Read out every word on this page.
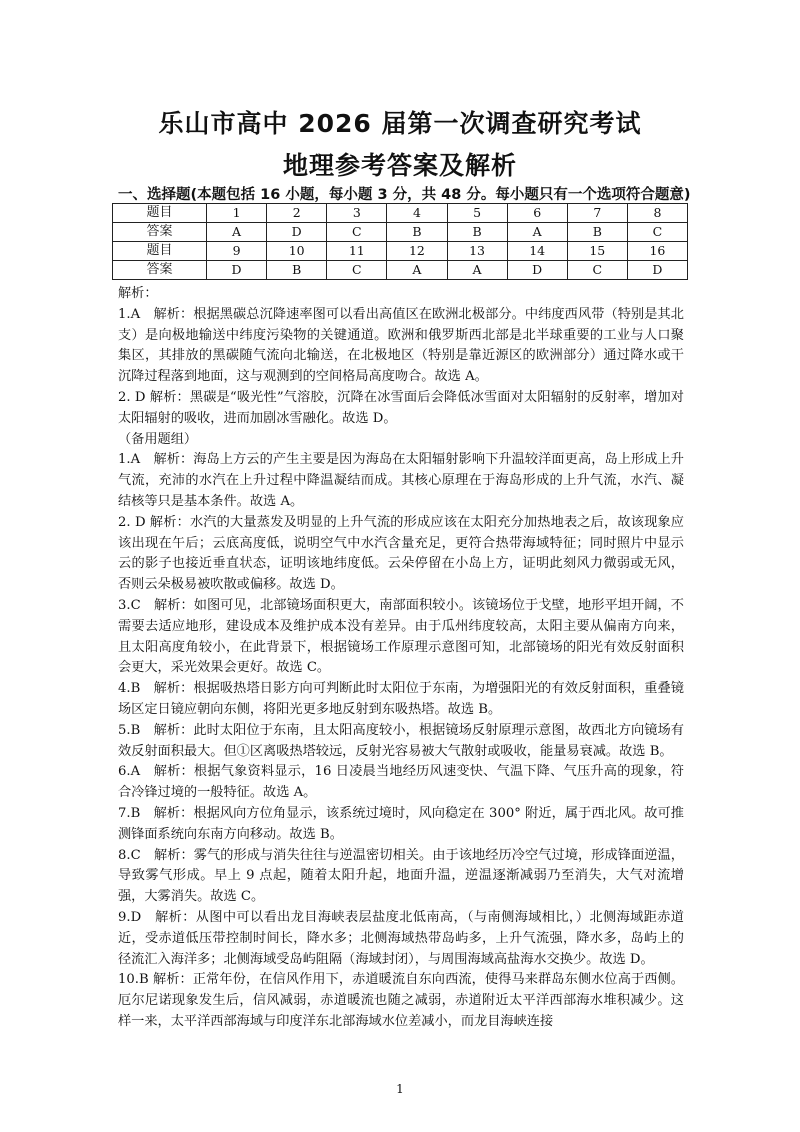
乐山市高中 2026 届第一次调查研究考试
地理参考答案及解析
一、选择题(本题包括 16 小题，每小题 3 分，共 48 分。每小题只有一个选项符合题意)
题目	1	2	3	4	5	6	7	8
答案	A	D	C	B	B	A	B	C
题目	9	10	11	12	13	14	15	16
答案	D	B	C	A	A	D	C	D

解析：

1.A　解析：根据黑碳总沉降速率图可以看出高值区在欧洲北极部分。中纬度西风带（特别是其北支）是向极地输送中纬度污染物的关键通道。欧洲和俄罗斯西北部是北半球重要的工业与人口聚集区，其排放的黑碳随气流向北输送，在北极地区（特别是靠近源区的欧洲部分）通过降水或干沉降过程落到地面，这与观测到的空间格局高度吻合。故选 A。

2. D 解析：黑碳是“吸光性”气溶胶，沉降在冰雪面后会降低冰雪面对太阳辐射的反射率，增加对太阳辐射的吸收，进而加剧冰雪融化。故选 D。

（备用题组）

1.A　解析：海岛上方云的产生主要是因为海岛在太阳辐射影响下升温较洋面更高，岛上形成上升气流，充沛的水汽在上升过程中降温凝结而成。其核心原理在于海岛形成的上升气流，水汽、凝结核等只是基本条件。故选 A。

2. D 解析：水汽的大量蒸发及明显的上升气流的形成应该在太阳充分加热地表之后，故该现象应该出现在午后；云底高度低，说明空气中水汽含量充足，更符合热带海域特征；同时照片中显示云的影子也接近垂直状态，证明该地纬度低。云朵停留在小岛上方，证明此刻风力微弱或无风，否则云朵极易被吹散或偏移。故选 D。

3.C　解析：如图可见，北部镜场面积更大，南部面积较小。该镜场位于戈壁，地形平坦开阔，不需要去适应地形，建设成本及维护成本没有差异。由于瓜州纬度较高，太阳主要从偏南方向来，且太阳高度角较小，在此背景下，根据镜场工作原理示意图可知，北部镜场的阳光有效反射面积会更大，采光效果会更好。故选 C。

4.B　解析：根据吸热塔日影方向可判断此时太阳位于东南，为增强阳光的有效反射面积，重叠镜场区定日镜应朝向东侧，将阳光更多地反射到东吸热塔。故选 B。

5.B　解析：此时太阳位于东南，且太阳高度较小，根据镜场反射原理示意图，故西北方向镜场有效反射面积最大。但①区离吸热塔较远，反射光容易被大气散射或吸收，能量易衰减。故选 B。

6.A　解析：根据气象资料显示，16 日凌晨当地经历风速变快、气温下降、气压升高的现象，符合冷锋过境的一般特征。故选 A。

7.B　解析：根据风向方位角显示，该系统过境时，风向稳定在 300° 附近，属于西北风。故可推测锋面系统向东南方向移动。故选 B。

8.C　解析：雾气的形成与消失往往与逆温密切相关。由于该地经历冷空气过境，形成锋面逆温，导致雾气形成。早上 9 点起，随着太阳升起，地面升温，逆温逐渐减弱乃至消失，大气对流增强，大雾消失。故选 C。

9.D　解析：从图中可以看出龙目海峡表层盐度北低南高，（与南侧海域相比，）北侧海域距赤道近，受赤道低压带控制时间长，降水多；北侧海域热带岛屿多，上升气流强，降水多，岛屿上的径流汇入海洋多；北侧海域受岛屿阻隔（海域封闭），与周围海域高盐海水交换少。故选 D。

10.B 解析：正常年份，在信风作用下，赤道暖流自东向西流，使得马来群岛东侧水位高于西侧。厄尔尼诺现象发生后，信风减弱，赤道暖流也随之减弱，赤道附近太平洋西部海水堆积减少。这样一来，太平洋西部海域与印度洋东北部海域水位差减小，而龙目海峡连接

1
